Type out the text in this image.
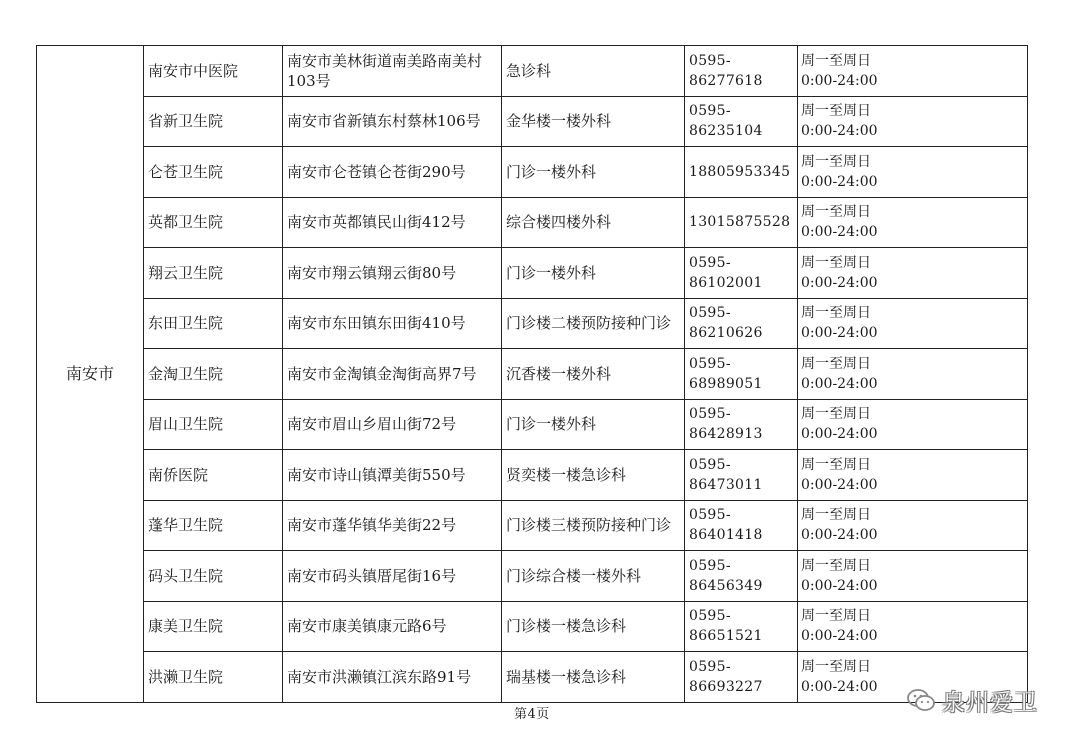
南安市	南安市中医院	南安市美林街道南美路南美村103号	急诊科	0595-86277618	周一至周日
0:00-24:00

	省新卫生院	南安市省新镇东村蔡林106号	金华楼一楼外科	0595-86235104	周一至周日
0:00-24:00

	仑苍卫生院	南安市仑苍镇仑苍街290号	门诊一楼外科	18805953345	周一至周日
0:00-24:00

	英都卫生院	南安市英都镇民山街412号	综合楼四楼外科	13015875528	周一至周日
0:00-24:00

	翔云卫生院	南安市翔云镇翔云街80号	门诊一楼外科	0595-86102001	周一至周日
0:00-24:00

	东田卫生院	南安市东田镇东田街410号	门诊楼二楼预防接种门诊	0595-86210626	周一至周日
0:00-24:00

	金淘卫生院	南安市金淘镇金淘街高界7号	沉香楼一楼外科	0595-68989051	周一至周日
0:00-24:00

	眉山卫生院	南安市眉山乡眉山街72号	门诊一楼外科	0595-86428913	周一至周日
0:00-24:00

	南侨医院	南安市诗山镇潭美街550号	贤奕楼一楼急诊科	0595-86473011	周一至周日
0:00-24:00

	蓬华卫生院	南安市蓬华镇华美街22号	门诊楼三楼预防接种门诊	0595-86401418	周一至周日
0:00-24:00

	码头卫生院	南安市码头镇厝尾街16号	门诊综合楼一楼外科	0595-86456349	周一至周日
0:00-24:00

	康美卫生院	南安市康美镇康元路6号	门诊楼一楼急诊科	0595-86651521	周一至周日
0:00-24:00

	洪濑卫生院	南安市洪濑镇江滨东路91号	瑞基楼一楼急诊科	0595-86693227	周一至周日
0:00-24:00
第4页	泉州爱卫
